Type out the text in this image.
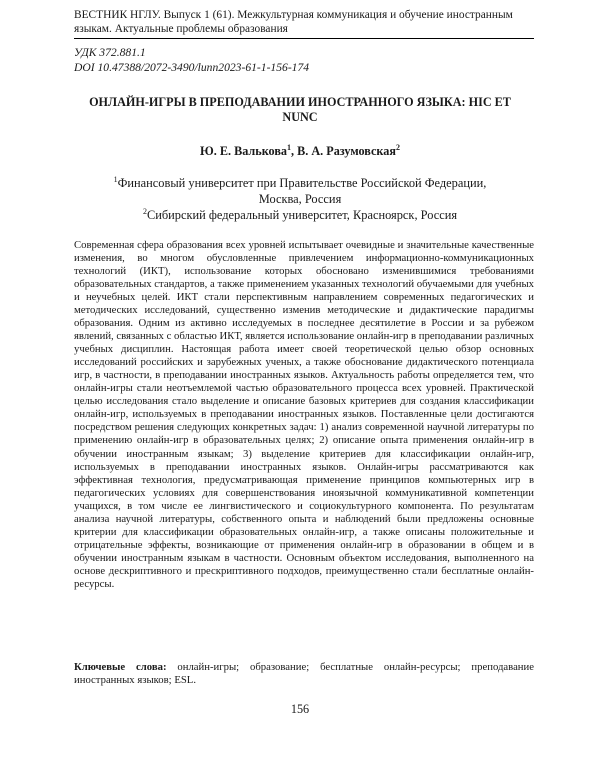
ВЕСТНИК НГЛУ. Выпуск 1 (61). Межкультурная коммуникация и обучение иностранным языкам. Актуальные проблемы образования
УДК 372.881.1
DOI 10.47388/2072-3490/lunn2023-61-1-156-174
ОНЛАЙН-ИГРЫ В ПРЕПОДАВАНИИ ИНОСТРАННОГО ЯЗЫКА: HIC ET NUNC
Ю. Е. Валькова$^1$, В. А. Разумовская$^2$
$^1$Финансовый университет при Правительстве Российской Федерации,
Москва, Россия
$^2$Сибирский федеральный университет, Красноярск, Россия
Современная сфера образования всех уровней испытывает очевидные и значительные качественные изменения, во многом обусловленные привлечением информационно-коммуникационных технологий (ИКТ), использование которых обосновано изменившимися требованиями образовательных стандартов, а также применением указанных технологий обучаемыми для учебных и неучебных целей. ИКТ стали перспективным направлением современных педагогических и методических исследований, существенно изменив методические и дидактические парадигмы образования. Одним из активно исследуемых в последнее десятилетие в России и за рубежом явлений, связанных с областью ИКТ, является использование онлайн-игр в преподавании различных учебных дисциплин. Настоящая работа имеет своей теоретической целью обзор основных исследований российских и зарубежных ученых, а также обоснование дидактического потенциала игр, в частности, в преподавании иностранных языков. Актуальность работы определяется тем, что онлайн-игры стали неотъемлемой частью образовательного процесса всех уровней. Практической целью исследования стало выделение и описание базовых критериев для создания классификации онлайн-игр, используемых в преподавании иностранных языков. Поставленные цели достигаются посредством решения следующих конкретных задач: 1) анализ современной научной литературы по применению онлайн-игр в образовательных целях; 2) описание опыта применения онлайн-игр в обучении иностранным языкам; 3) выделение критериев для классификации онлайн-игр, используемых в преподавании иностранных языков. Онлайн-игры рассматриваются как эффективная технология, предусматривающая применение принципов компьютерных игр в педагогических условиях для совершенствования иноязычной коммуникативной компетенции учащихся, в том числе ее лингвистического и социокультурного компонента. По результатам анализа научной литературы, собственного опыта и наблюдений были предложены основные критерии для классификации образовательных онлайн-игр, а также описаны положительные и отрицательные эффекты, возникающие от применения онлайн-игр в образовании в общем и в обучении иностранным языкам в частности. Основным объектом исследования, выполненного на основе дескриптивного и прескриптивного подходов, преимущественно стали бесплатные онлайн-ресурсы.
Ключевые слова: онлайн-игры; образование; бесплатные онлайн-ресурсы; преподавание иностранных языков; ESL.
156
